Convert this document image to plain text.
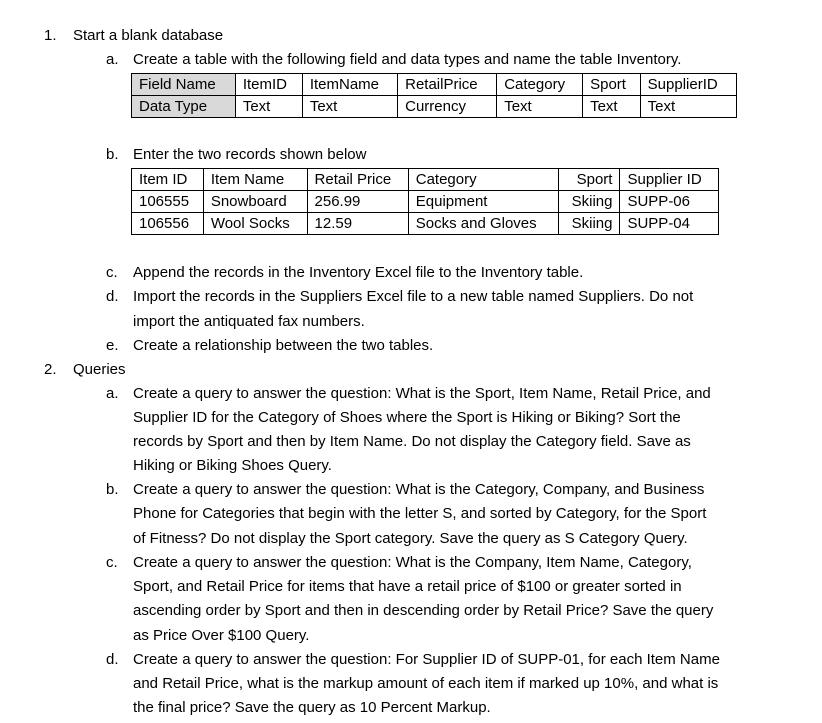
1. Start a blank database
a. Create a table with the following field and data types and name the table Inventory.
Field Name	ItemID	ItemName	RetailPrice	Category	Sport	SupplierID
Data Type	Text	Text	Currency	Text	Text	Text
b. Enter the two records shown below
Item ID	Item Name	Retail Price	Category	Sport	Supplier ID
106555	Snowboard	256.99	Equipment	Skiing	SUPP-06
106556	Wool Socks	12.59	Socks and Gloves	Skiing	SUPP-04
c. Append the records in the Inventory Excel file to the Inventory table.
d. Import the records in the Suppliers Excel file to a new table named Suppliers. Do not
import the antiquated fax numbers.
e. Create a relationship between the two tables.
2. Queries
a. Create a query to answer the question: What is the Sport, Item Name, Retail Price, and
Supplier ID for the Category of Shoes where the Sport is Hiking or Biking? Sort the
records by Sport and then by Item Name. Do not display the Category field. Save as
Hiking or Biking Shoes Query.
b. Create a query to answer the question: What is the Category, Company, and Business
Phone for Categories that begin with the letter S, and sorted by Category, for the Sport
of Fitness? Do not display the Sport category. Save the query as S Category Query.
c. Create a query to answer the question: What is the Company, Item Name, Category,
Sport, and Retail Price for items that have a retail price of $100 or greater sorted in
ascending order by Sport and then in descending order by Retail Price? Save the query
as Price Over $100 Query.
d. Create a query to answer the question: For Supplier ID of SUPP-01, for each Item Name
and Retail Price, what is the markup amount of each item if marked up 10%, and what is
the final price? Save the query as 10 Percent Markup.
